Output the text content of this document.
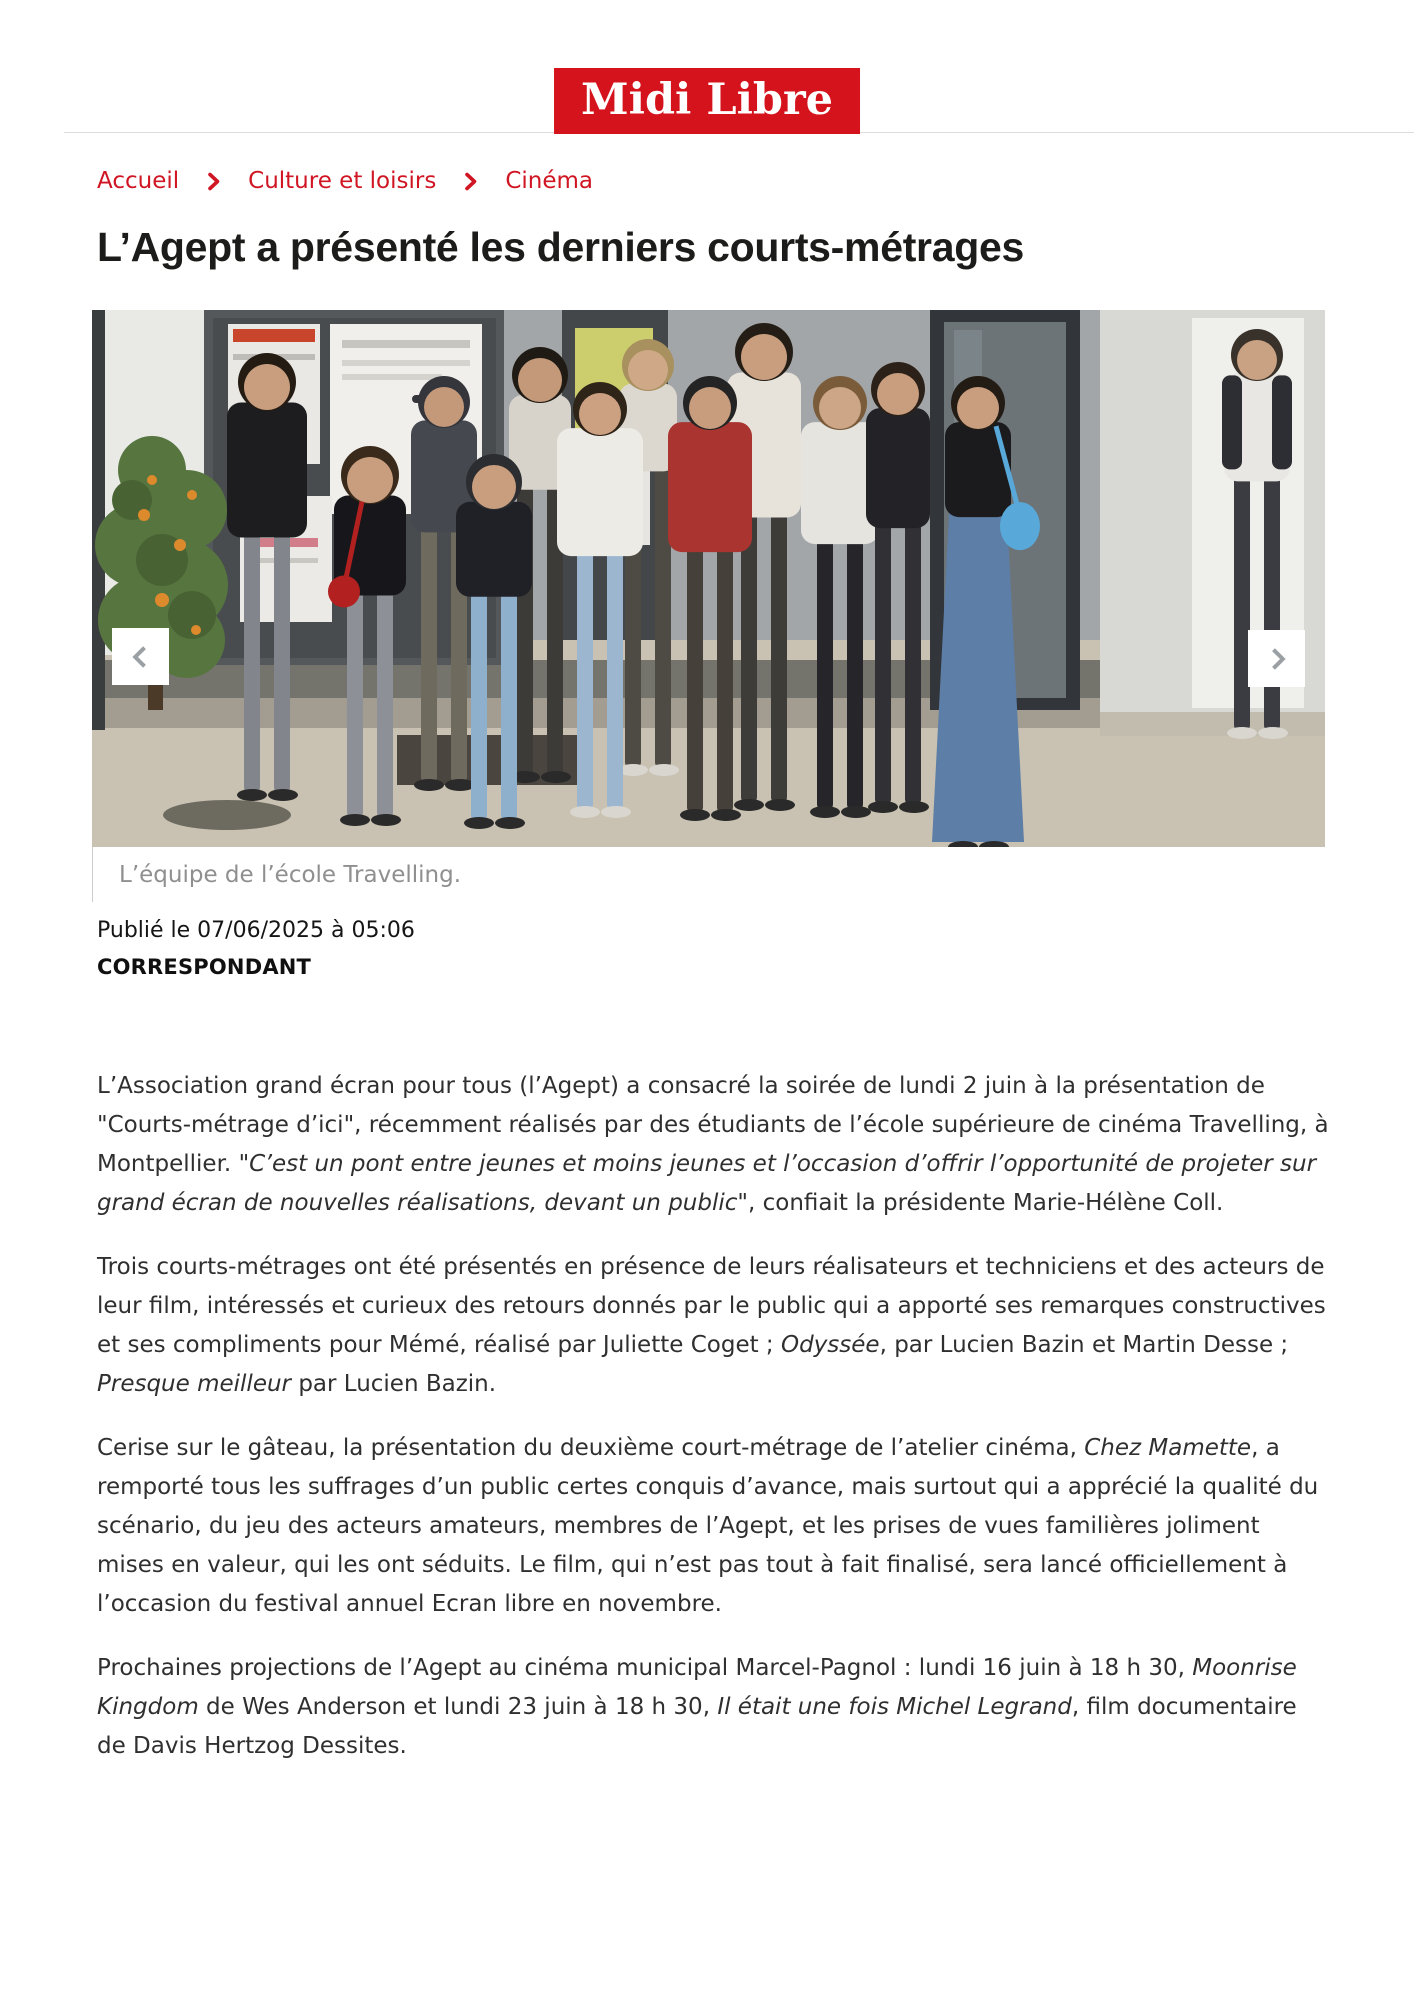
Midi Libre
Accueil	Culture et loisirs	Cinéma
L’Agept a présenté les derniers courts-métrages
L’équipe de l’école Travelling.
Publié le 07/06/2025 à 05:06
CORRESPONDANT

L’Association grand écran pour tous (l’Agept) a consacré la soirée de lundi 2 juin à la présentation de "Courts-métrage d’ici", récemment réalisés par des étudiants de l’école supérieure de cinéma Travelling, à Montpellier. "C’est un pont entre jeunes et moins jeunes et l’occasion d’offrir l’opportunité de projeter sur grand écran de nouvelles réalisations, devant un public", confiait la présidente Marie-Hélène Coll.

Trois courts-métrages ont été présentés en présence de leurs réalisateurs et techniciens et des acteurs de leur film, intéressés et curieux des retours donnés par le public qui a apporté ses remarques constructives et ses compliments pour Mémé, réalisé par Juliette Coget ; Odyssée, par Lucien Bazin et Martin Desse ; Presque meilleur par Lucien Bazin.

Cerise sur le gâteau, la présentation du deuxième court-métrage de l’atelier cinéma, Chez Mamette, a remporté tous les suffrages d’un public certes conquis d’avance, mais surtout qui a apprécié la qualité du scénario, du jeu des acteurs amateurs, membres de l’Agept, et les prises de vues familières joliment mises en valeur, qui les ont séduits. Le film, qui n’est pas tout à fait finalisé, sera lancé officiellement à l’occasion du festival annuel Ecran libre en novembre.

Prochaines projections de l’Agept au cinéma municipal Marcel-Pagnol : lundi 16 juin à 18 h 30, Moonrise Kingdom de Wes Anderson et lundi 23 juin à 18 h 30, Il était une fois Michel Legrand, film documentaire de Davis Hertzog Dessites.
